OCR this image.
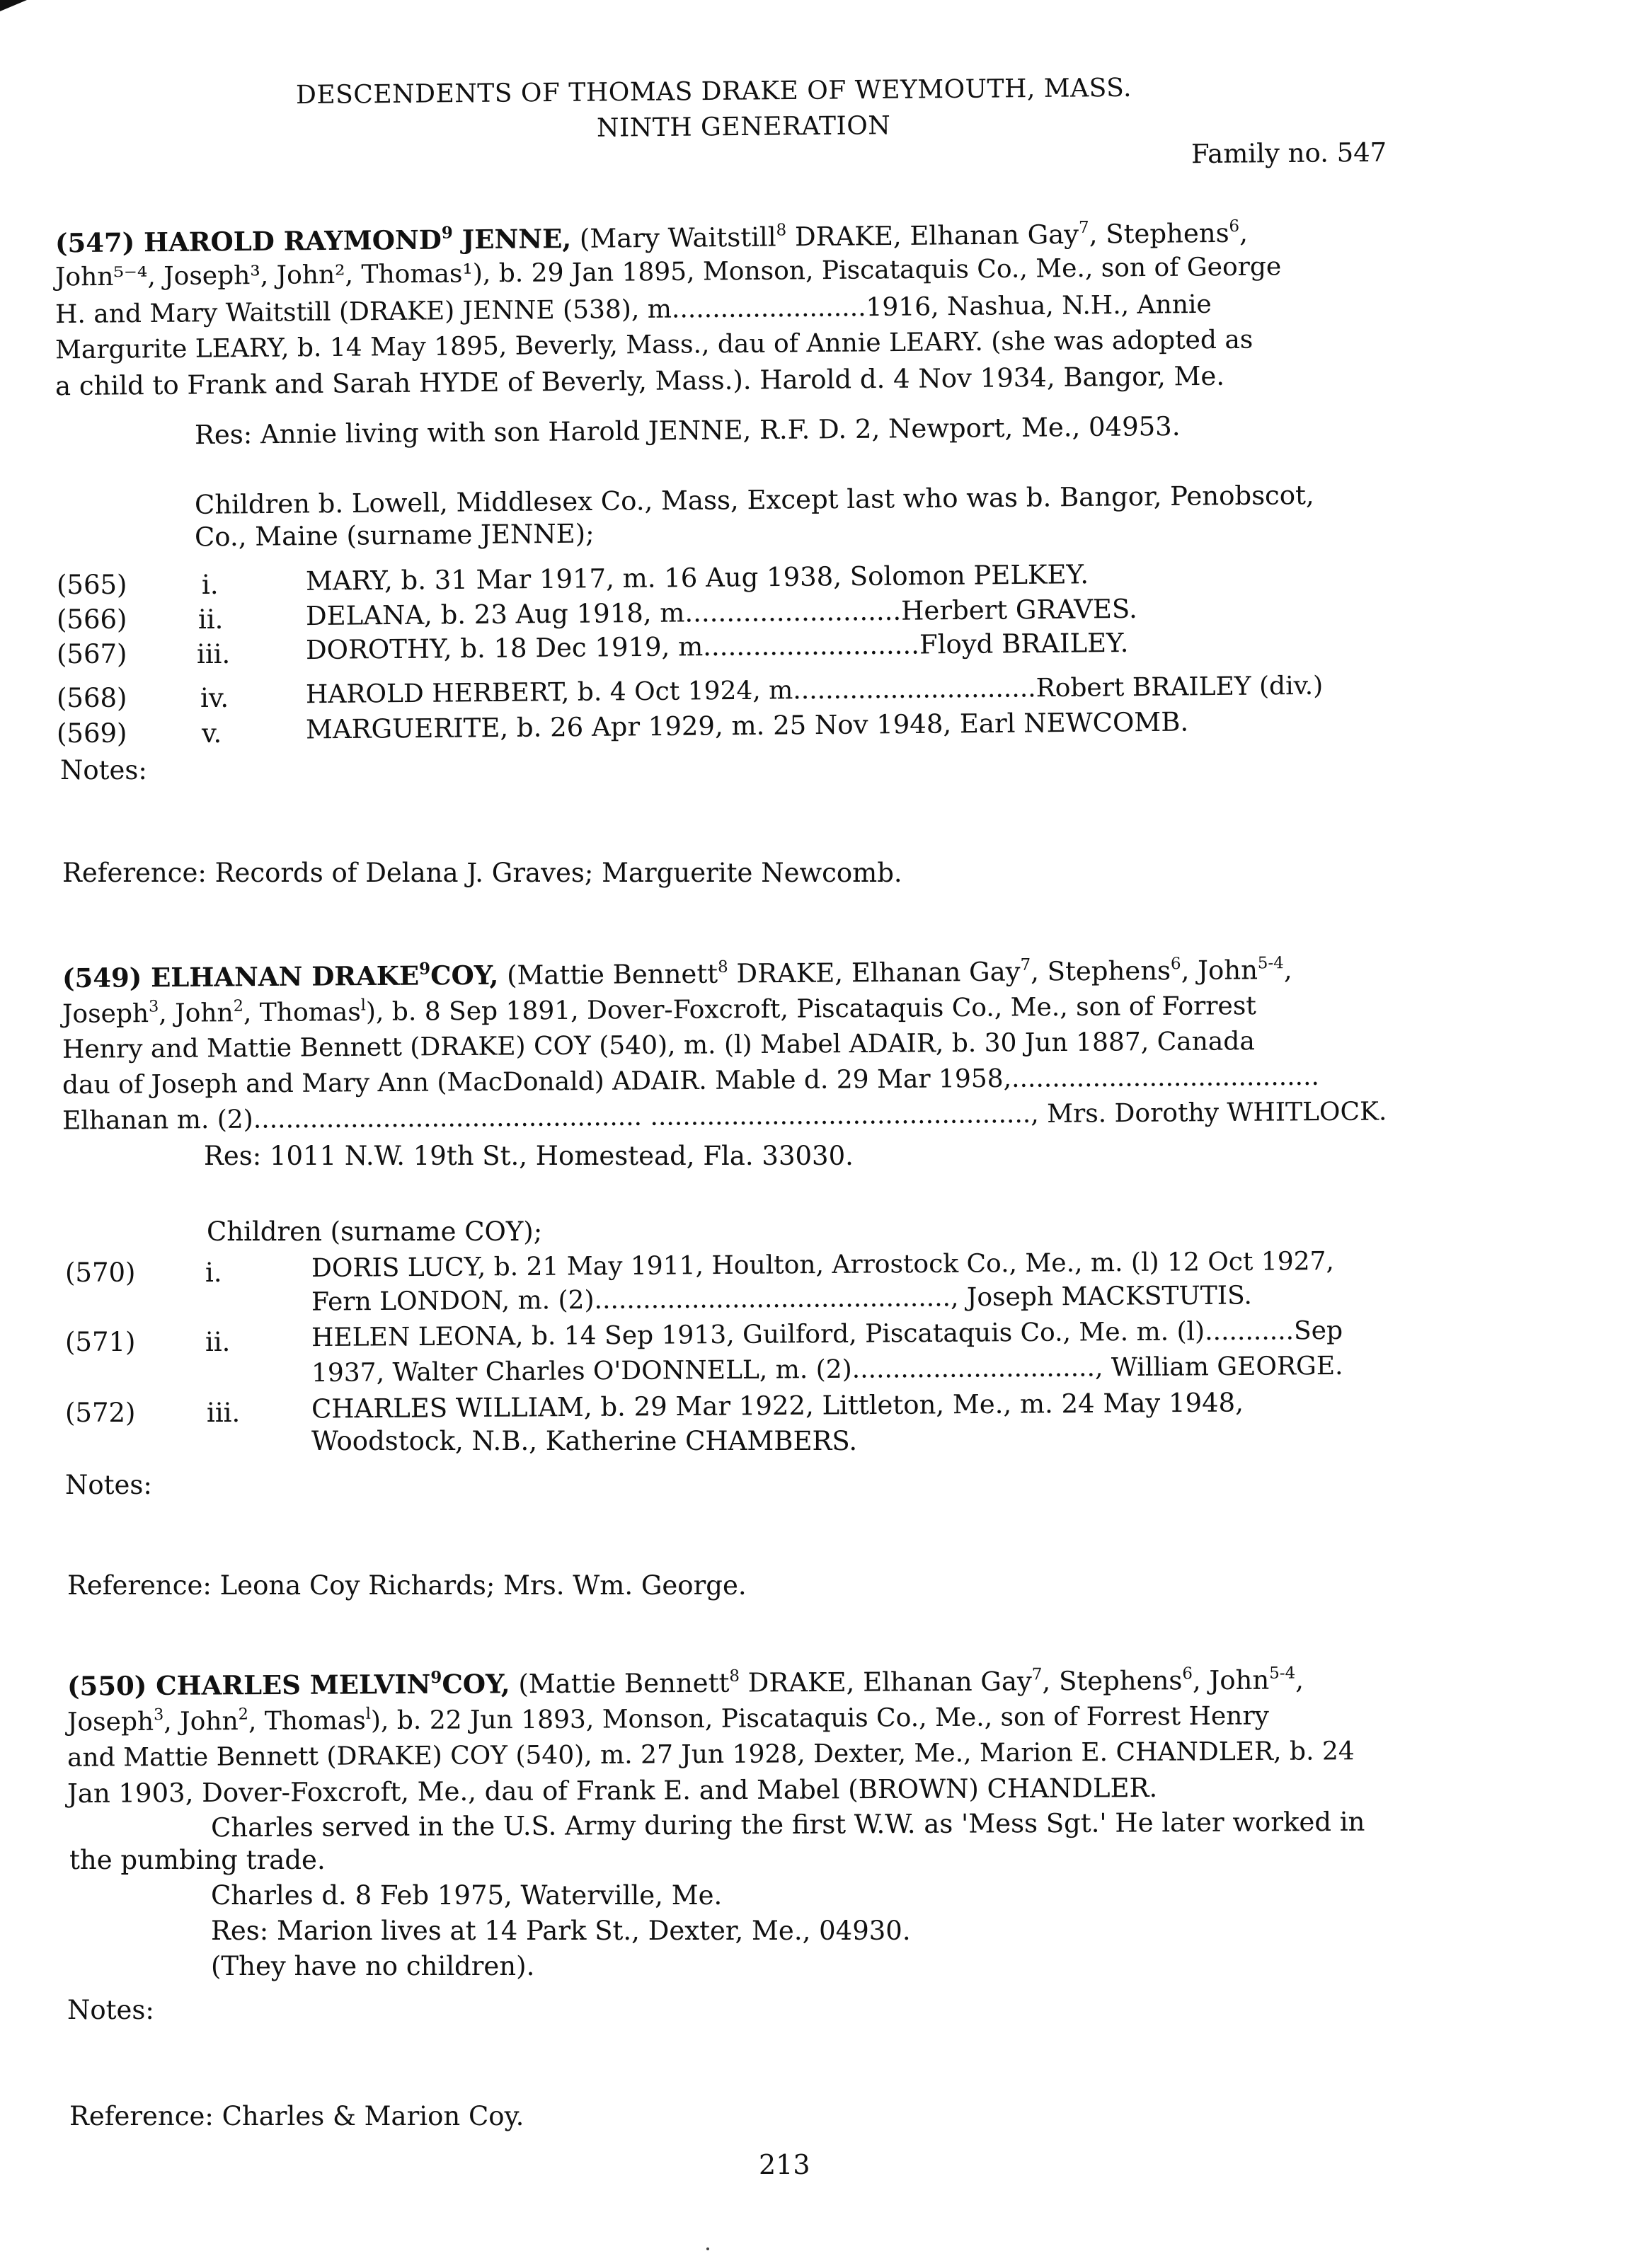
DESCENDENTS OF THOMAS DRAKE OF WEYMOUTH, MASS.
NINTH GENERATION
Family no. 547
(547) HAROLD RAYMOND$^9$ JENNE, (Mary Waitstill$^8$ DRAKE, Elhanan Gay$^7$, Stephens$^6$,
John⁵⁻⁴, Joseph³, John², Thomas¹), b. 29 Jan 1895, Monson, Piscataquis Co., Me., son of George
H. and Mary Waitstill (DRAKE) JENNE (538), m........................1916, Nashua, N.H., Annie
Margurite LEARY, b. 14 May 1895, Beverly, Mass., dau of Annie LEARY. (she was adopted as
a child to Frank and Sarah HYDE of Beverly, Mass.). Harold d. 4 Nov 1934, Bangor, Me.
Res: Annie living with son Harold JENNE, R.F. D. 2, Newport, Me., 04953.
Children b. Lowell, Middlesex Co., Mass, Except last who was b. Bangor, Penobscot,
Co., Maine (surname JENNE);
(565)	i.	MARY, b. 31 Mar 1917, m. 16 Aug 1938, Solomon PELKEY.
(566)	ii.	DELANA, b. 23 Aug 1918, m..........................Herbert GRAVES.
(567)	iii.	DOROTHY, b. 18 Dec 1919, m..........................Floyd BRAILEY.
(568)	iv.	HAROLD HERBERT, b. 4 Oct 1924, m..............................Robert BRAILEY (div.)
(569)	v.	MARGUERITE, b. 26 Apr 1929, m. 25 Nov 1948, Earl NEWCOMB.
Notes:
Reference: Records of Delana J. Graves; Marguerite Newcomb.
(549) ELHANAN DRAKE$^9$COY, (Mattie Bennett$^8$ DRAKE, Elhanan Gay$^7$, Stephens$^6$, John$^{5-4}$,
Joseph$^3$, John$^2$, Thomas$^l$), b. 8 Sep 1891, Dover-Foxcroft, Piscataquis Co., Me., son of Forrest
Henry and Mattie Bennett (DRAKE) COY (540), m. (l) Mabel ADAIR, b. 30 Jun 1887, Canada
dau of Joseph and Mary Ann (MacDonald) ADAIR. Mable d. 29 Mar 1958,......................................
Elhanan m. (2)................................................ ..............................................., Mrs. Dorothy WHITLOCK.
Res: 1011 N.W. 19th St., Homestead, Fla. 33030.
Children (surname COY);
(570)	i.	DORIS LUCY, b. 21 May 1911, Houlton, Arrostock Co., Me., m. (l) 12 Oct 1927,
Fern LONDON, m. (2)............................................, Joseph MACKSTUTIS.
(571)	ii.	HELEN LEONA, b. 14 Sep 1913, Guilford, Piscataquis Co., Me. m. (l)...........Sep
1937, Walter Charles O'DONNELL, m. (2).............................., William GEORGE.
(572)	iii.	CHARLES WILLIAM, b. 29 Mar 1922, Littleton, Me., m. 24 May 1948,
Woodstock, N.B., Katherine CHAMBERS.
Notes:
Reference: Leona Coy Richards; Mrs. Wm. George.
(550) CHARLES MELVIN$^9$COY, (Mattie Bennett$^8$ DRAKE, Elhanan Gay$^7$, Stephens$^6$, John$^{5-4}$,
Joseph$^3$, John$^2$, Thomas$^l$), b. 22 Jun 1893, Monson, Piscataquis Co., Me., son of Forrest Henry
and Mattie Bennett (DRAKE) COY (540), m. 27 Jun 1928, Dexter, Me., Marion E. CHANDLER, b. 24
Jan 1903, Dover-Foxcroft, Me., dau of Frank E. and Mabel (BROWN) CHANDLER.
Charles served in the U.S. Army during the first W.W. as 'Mess Sgt.' He later worked in
the pumbing trade.
Charles d. 8 Feb 1975, Waterville, Me.
Res: Marion lives at 14 Park St., Dexter, Me., 04930.
(They have no children).
Notes:
Reference: Charles & Marion Coy.
213
